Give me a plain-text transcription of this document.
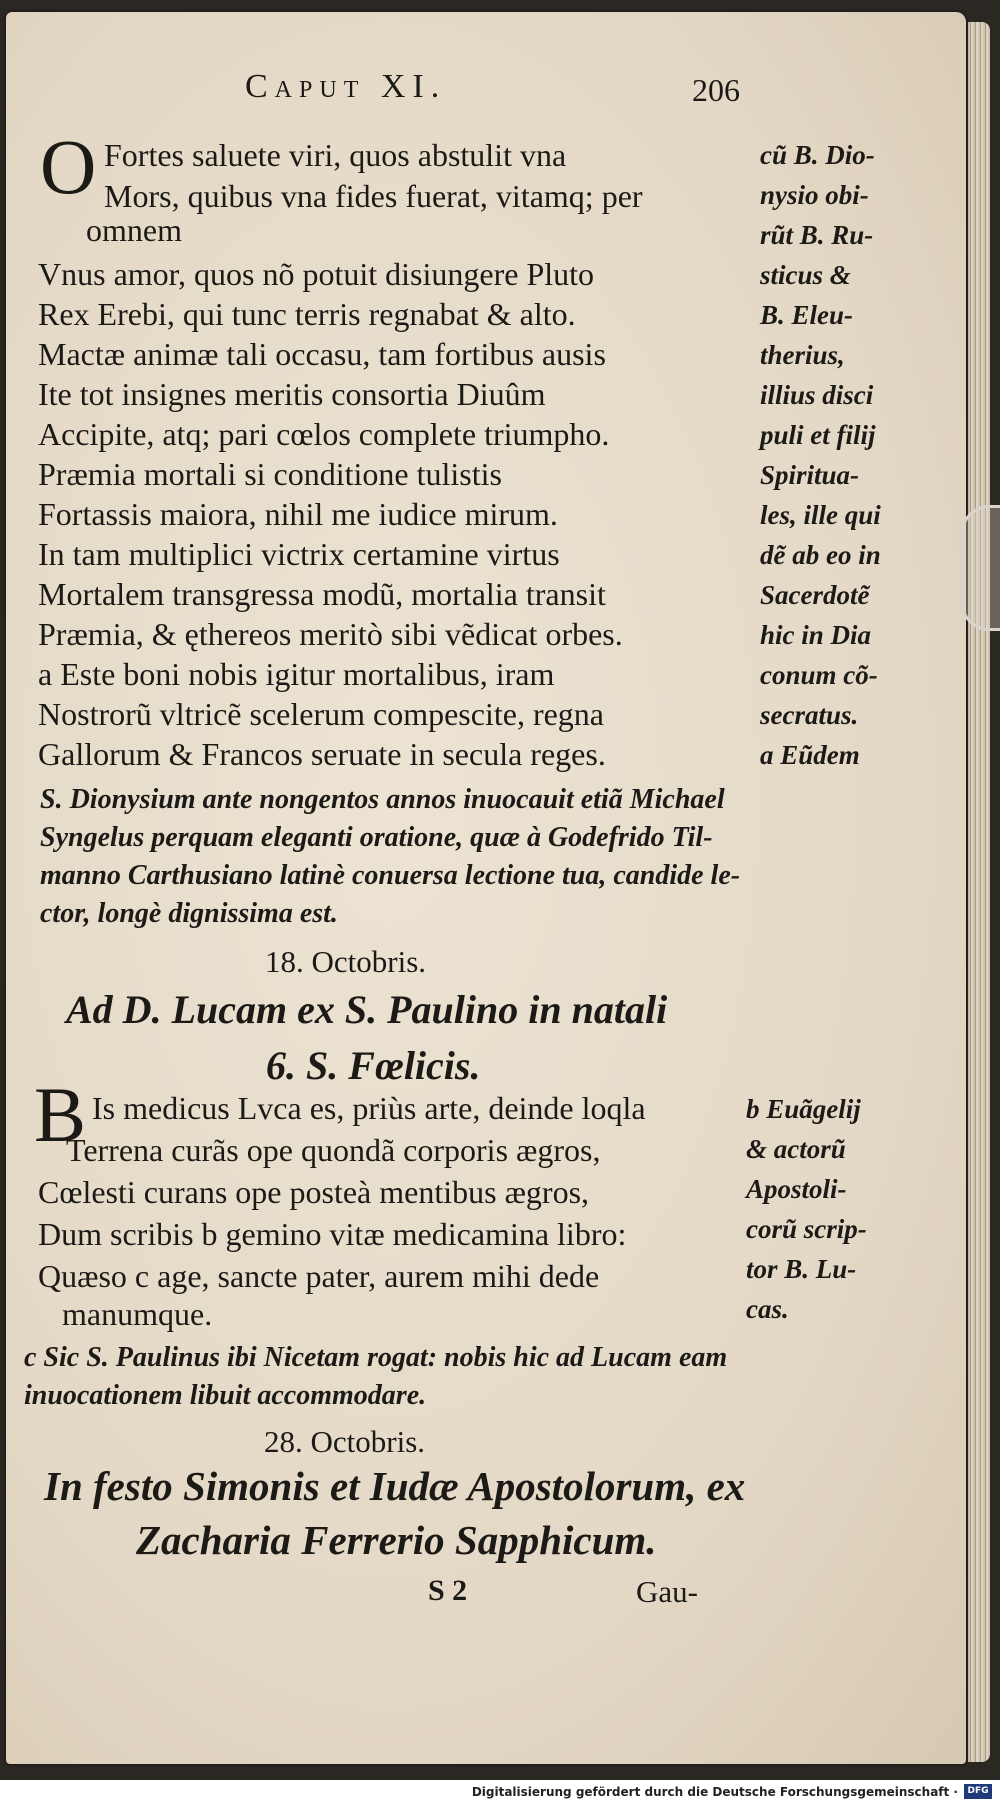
Caput XI.	206
O Fortes saluete viri, quos abstulit vna
Mors, quibus vna fides fuerat, vitamq; per
omnem
Vnus amor, quos nõ potuit disiungere Pluto
Rex Erebi, qui tunc terris regnabat & alto.
Mactæ animæ tali occasu, tam fortibus ausis
Ite tot insignes meritis consortia Diuûm
Accipite, atq; pari cœlos complete triumpho.
Præmia mortali si conditione tulistis
Fortassis maiora, nihil me iudice mirum.
In tam multiplici victrix certamine virtus
Mortalem transgressa modũ, mortalia transit
Præmia, & ęthereos meritò sibi vẽdicat orbes.
a Este boni nobis igitur mortalibus, iram
Nostrorũ vltricẽ scelerum compescite, regna
Gallorum & Francos seruate in secula reges.
cũ B. Dio-
nysio obi-
rũt B. Ru-
sticus &
B. Eleu-
therius,
illius disci
puli et filij
Spiritua-
les, ille qui
dẽ ab eo in
Sacerdotẽ
hic in Dia
conum cõ-
secratus.
a Eũdem
S. Dionysium ante nongentos annos inuocauit etiã Michael
Syngelus perquam eleganti oratione, quæ à Godefrido Til-
manno Carthusiano latinè conuersa lectione tua, candide le-
ctor, longè dignissima est.
18. Octobris.
Ad D. Lucam ex S. Paulino in natali
6. S. Fœlicis.
B Is medicus Lvca es, priùs arte, deinde loqla
Terrena curãs ope quondã corporis ægros,
Cœlesti curans ope posteà mentibus ægros,
Dum scribis b gemino vitæ medicamina libro:
Quæso c age, sancte pater, aurem mihi dede
manumque.
b Euãgelij
& actorũ
Apostoli-
corũ scrip-
tor B. Lu-
cas.
c Sic S. Paulinus ibi Nicetam rogat: nobis hic ad Lucam eam
inuocationem libuit accommodare.
28. Octobris.
In festo Simonis et Iudæ Apostolorum, ex
Zacharia Ferrerio Sapphicum.
S 2	Gau-
Digitalisierung gefördert durch die Deutsche Forschungsgemeinschaft ·	DFG
